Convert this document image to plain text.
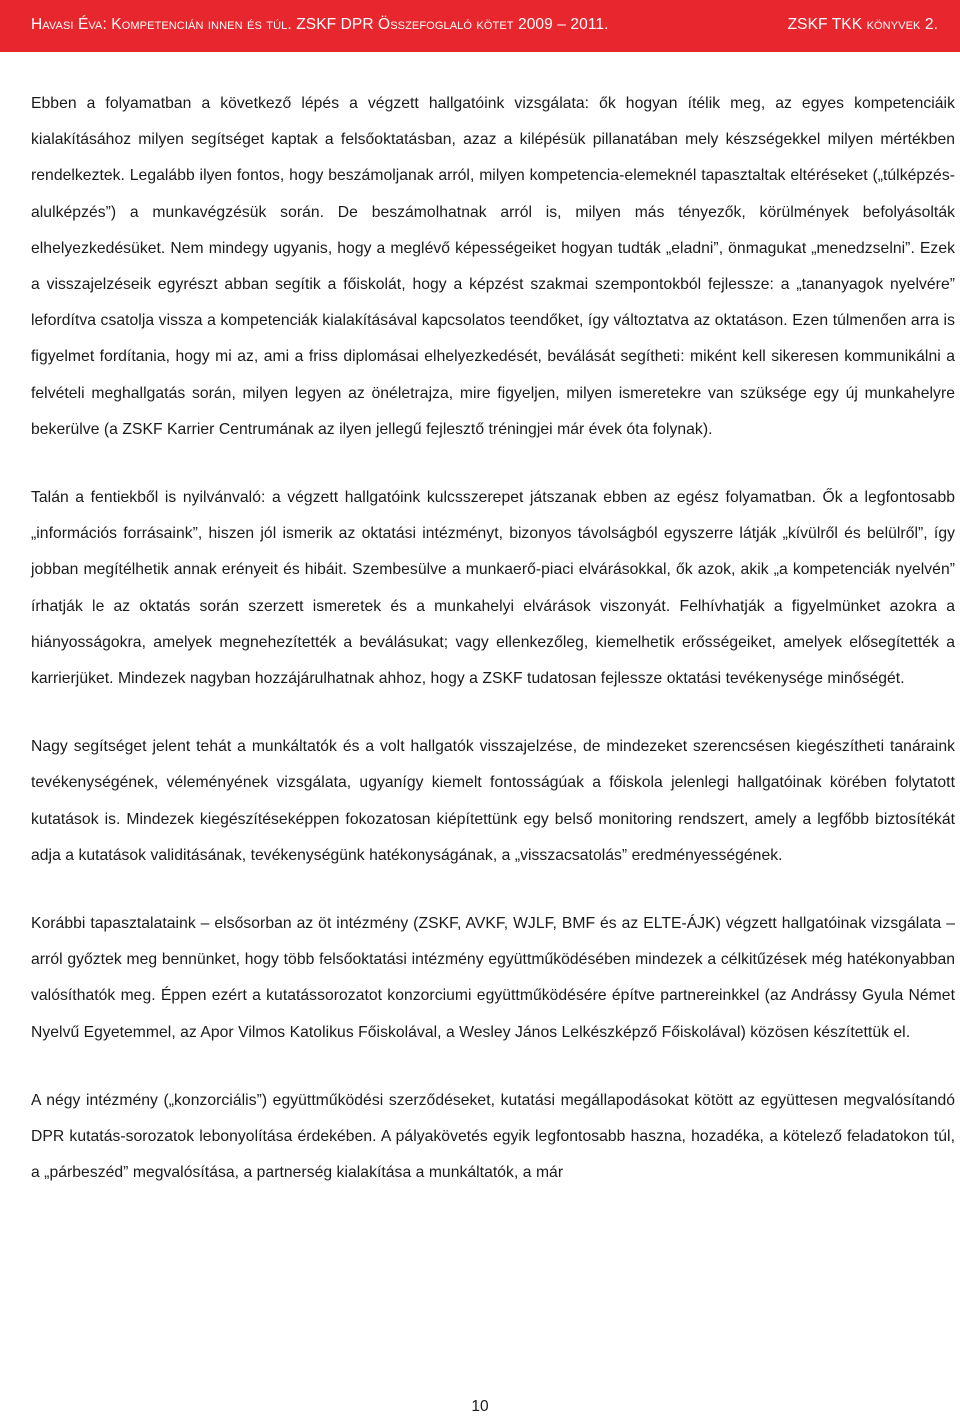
Havasi Éva: Kompetencián innen és túl. ZSKF DPR Összefoglaló kötet 2009 – 2011.	ZSKF TKK könyvek 2.

Ebben a folyamatban a következő lépés a végzett hallgatóink vizsgálata: ők hogyan ítélik meg, az egyes kompetenciáik kialakításához milyen segítséget kaptak a felsőoktatásban, azaz a kilépésük pillanatában mely készségekkel milyen mértékben rendelkeztek. Legalább ilyen fontos, hogy beszámoljanak arról, milyen kompetencia-elemeknél tapasztaltak eltéréseket („túlképzés-alulképzés”) a munkavégzésük során. De beszámolhatnak arról is, milyen más tényezők, körülmények befolyásolták elhelyezkedésüket. Nem mindegy ugyanis, hogy a meglévő képességeiket hogyan tudták „eladni”, önmagukat „menedzselni”. Ezek a visszajelzéseik egyrészt abban segítik a főiskolát, hogy a képzést szakmai szempontokból fejlessze: a „tananyagok nyelvére” lefordítva csatolja vissza a kompetenciák kialakításával kapcsolatos teendőket, így változtatva az oktatáson. Ezen túlmenően arra is figyelmet fordítania, hogy mi az, ami a friss diplomásai elhelyezkedését, beválását segítheti: miként kell sikeresen kommunikálni a felvételi meghallgatás során, milyen legyen az önéletrajza, mire figyeljen, milyen ismeretekre van szüksége egy új munkahelyre bekerülve (a ZSKF Karrier Centrumának az ilyen jellegű fejlesztő tréningjei már évek óta folynak).

Talán a fentiekből is nyilvánvaló: a végzett hallgatóink kulcsszerepet játszanak ebben az egész folyamatban. Ők a legfontosabb „információs forrásaink”, hiszen jól ismerik az oktatási intézményt, bizonyos távolságból egyszerre látják „kívülről és belülről”, így jobban megítélhetik annak erényeit és hibáit. Szembesülve a munkaerő-piaci elvárásokkal, ők azok, akik „a kompetenciák nyelvén” írhatják le az oktatás során szerzett ismeretek és a munkahelyi elvárások viszonyát. Felhívhatják a figyelmünket azokra a hiányosságokra, amelyek megnehezítették a beválásukat; vagy ellenkezőleg, kiemelhetik erősségeiket, amelyek elősegítették a karrierjüket. Mindezek nagyban hozzájárulhatnak ahhoz, hogy a ZSKF tudatosan fejlessze oktatási tevékenysége minőségét.

Nagy segítséget jelent tehát a munkáltatók és a volt hallgatók visszajelzése, de mindezeket szerencsésen kiegészítheti tanáraink tevékenységének, véleményének vizsgálata, ugyanígy kiemelt fontosságúak a főiskola jelenlegi hallgatóinak körében folytatott kutatások is. Mindezek kiegészítéseképpen fokozatosan kiépítettünk egy belső monitoring rendszert, amely a legfőbb biztosítékát adja a kutatások validitásának, tevékenységünk hatékonyságának, a „visszacsatolás” eredményességének.

Korábbi tapasztalataink – elsősorban az öt intézmény (ZSKF, AVKF, WJLF, BMF és az ELTE-ÁJK) végzett hallgatóinak vizsgálata – arról győztek meg bennünket, hogy több felsőoktatási intézmény együttműködésében mindezek a célkitűzések még hatékonyabban valósíthatók meg. Éppen ezért a kutatássorozatot konzorciumi együttműködésére építve partnereinkkel (az Andrássy Gyula Német Nyelvű Egyetemmel, az Apor Vilmos Katolikus Főiskolával, a Wesley János Lelkészképző Főiskolával) közösen készítettük el.

A négy intézmény („konzorciális”) együttműködési szerződéseket, kutatási megállapodásokat kötött az együttesen megvalósítandó DPR kutatás-sorozatok lebonyolítása érdekében. A pályakövetés egyik legfontosabb haszna, hozadéka, a kötelező feladatokon túl, a „párbeszéd” megvalósítása, a partnerség kialakítása a munkáltatók, a már

10
